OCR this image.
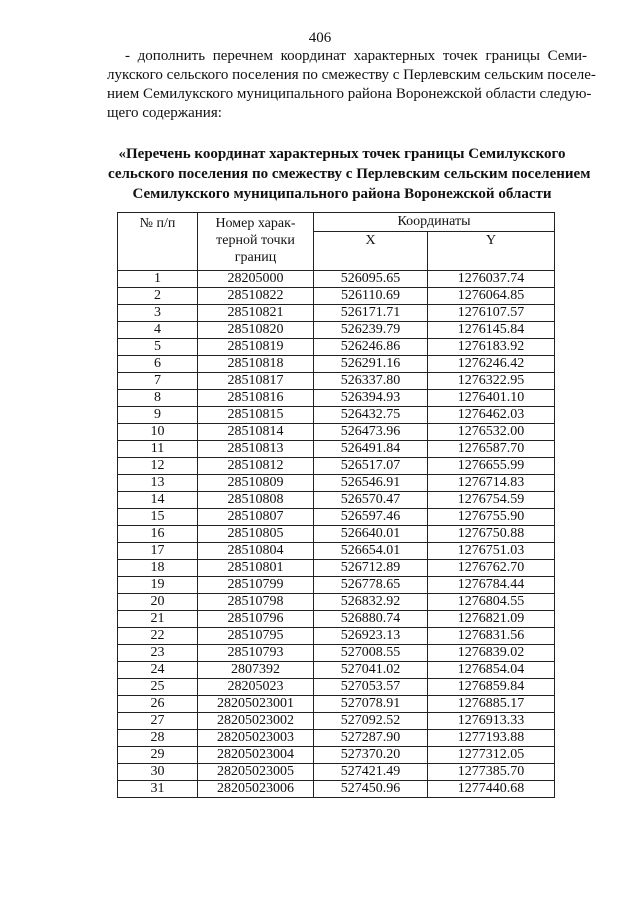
406

- дополнить перечнем координат характерных точек границы Семи-
лукского сельского поселения по смежеству с Перлевским сельским поселе-
нием Семилукского муниципального района Воронежской области следую-
щего содержания:

«Перечень координат характерных точек границы Семилукского
сельского поселения по смежеству с Перлевским сельским поселением
Семилукского муниципального района Воронежской области

№ п/п	Номер харак-
терной точки
границ	Координаты	
		X	Y
1	28205000	526095.65	1276037.74
2	28510822	526110.69	1276064.85
3	28510821	526171.71	1276107.57
4	28510820	526239.79	1276145.84
5	28510819	526246.86	1276183.92
6	28510818	526291.16	1276246.42
7	28510817	526337.80	1276322.95
8	28510816	526394.93	1276401.10
9	28510815	526432.75	1276462.03
10	28510814	526473.96	1276532.00
11	28510813	526491.84	1276587.70
12	28510812	526517.07	1276655.99
13	28510809	526546.91	1276714.83
14	28510808	526570.47	1276754.59
15	28510807	526597.46	1276755.90
16	28510805	526640.01	1276750.88
17	28510804	526654.01	1276751.03
18	28510801	526712.89	1276762.70
19	28510799	526778.65	1276784.44
20	28510798	526832.92	1276804.55
21	28510796	526880.74	1276821.09
22	28510795	526923.13	1276831.56
23	28510793	527008.55	1276839.02
24	2807392	527041.02	1276854.04
25	28205023	527053.57	1276859.84
26	28205023001	527078.91	1276885.17
27	28205023002	527092.52	1276913.33
28	28205023003	527287.90	1277193.88
29	28205023004	527370.20	1277312.05
30	28205023005	527421.49	1277385.70
31	28205023006	527450.96	1277440.68
